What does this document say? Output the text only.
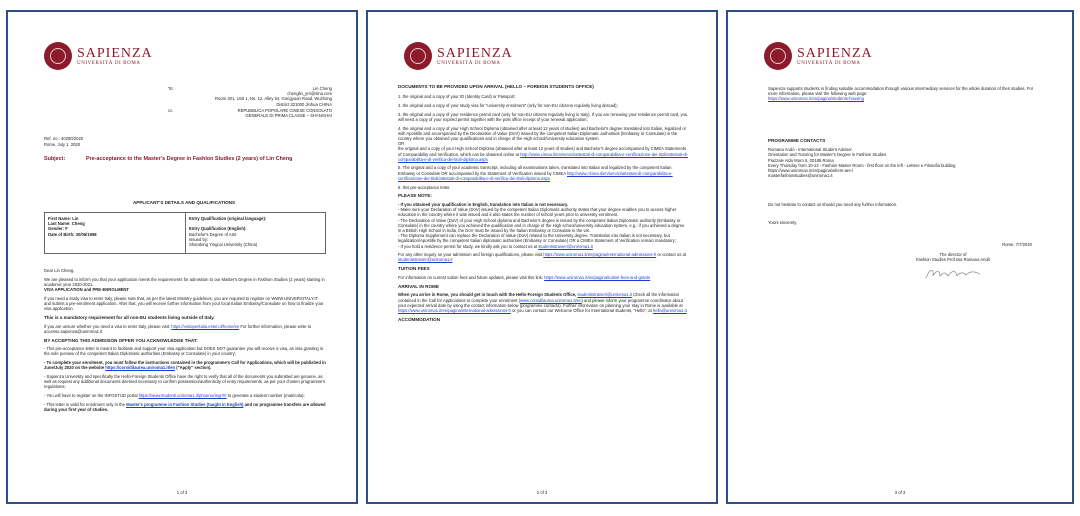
SAPIENZA
UNIVERSITÀ DI ROMA
To:	Lin Cheng
chenglin_yrn@sina.com
Room 401, Unit 1, No. 12, Alley 54, Gongyuan Road, Wuzhong
District 321000 Jinhua CHINA
cc.	REPUBBLICA POPOLARE CINESE CONSOLATO
GENERALE DI PRIMA CLASSE – SHANGHAI
Ref. no.: 40290/2020
Rome, July 1, 2020
Subject:	Pre-acceptance to the Master's Degree in Fashion Studies (2 years) of Lin Cheng
APPLICANT'S DETAILS AND QUALIFICATIONS
First Name: Lin
Last Name: Cheng
Gender: F
Date of Birth: 30/05/1998
Entry Qualification (original language):

Entry Qualification (English):
Bachelor's Degree of Arts
Issued by:
Shandong Yingcai University (China)

Dear Lin Cheng,

We are pleased to inform you that your application meets the requirements for admission to our Master's Degree in Fashion Studies (2 years) starting in academic year 2020-2021.

VISA APPLICATION and PRE-ENROLMENT

If you need a study visa to enter Italy, please note that, as per the latest Ministry guidelines, you are required to register on WWW.UNIVERSITALY.IT and submit a pre-enrolment application. After that, you will receive further information from your local Italian Embassy/Consulate on how to finalize your visa application.

This is a mandatory requirement for all non-EU students living outside of Italy.

If you are unsure whether you need a visa to enter Italy, please visit: https://vistoperitalia.esteri.it/home/en For further information, please write to accesso.sapienza@uniroma1.it

BY ACCEPTING THIS ADMISSION OFFER YOU ACKNOWLEDGE THAT:

- This pre-acceptance letter is meant to facilitate and support your visa application but DOES NOT guarantee you will receive a visa, as visa granting is the sole purview of the competent Italian Diplomatic authorities (Embassy or Consulate) in your country;

- To complete your enrolment, you must follow the instructions contained in the programme's Call for Applications, which will be published in June/July 2020 on the website https://corsidilaurea.uniroma1.it/en ("Apply" section).

- Sapienza University and specifically the Hello-Foreign Students Office have the right to verify that all of the documents you submitted are genuine, as well as request any additional documents deemed necessary to confirm possession/authenticity of entry requirements, as per your chosen programme's regulations;

- You will have to register on the INFOSTUD portal https://www.studenti.uniroma1.it/phoenix/ingr/#/ to generate a student number (matricola);

- This letter is valid for enrolment only in the Master's programme in Fashion Studies (taught in English) and no programme transfers are allowed during your first year of studies.

1 of 3
SAPIENZA
UNIVERSITÀ DI ROMA

DOCUMENTS TO BE PROVIDED UPON ARRIVAL (HELLO – FOREIGN STUDENTS OFFICE)

1. the original and a copy of your ID (Identity Card) or Passport;

2. the original and a copy of your study visa for "university enrolment" (only for non-EU citizens regularly living abroad);

3. the original and a copy of your residence permit card (only for non-EU citizens regularly living in Italy). If you are renewing your residence permit card, you will need a copy of your expired permit together with the post office receipt of your renewal application;

4. the original and a copy of your High School Diploma (obtained after at least 12 years of studies) and Bachelor's degree translated into Italian, legalized or with Apostille and accompanied by the Declaration of Value (DoV) issued by the competent Italian Diplomatic authorities (Embassy or Consulate) in the country where you obtained your qualifications and in charge of the High school/University education system

OR

the original and a copy of your High School Diploma (obtained after at least 12 years of studies) and Bachelor's degree accompanied by CIMEA Statements of Comparability and Verification, which can be obtained online at http://www.cimea.it/en/servizi/attestati-di-comparabilita-e-certificazione-dei-titoli/attestati-di-comparabilita-e-di-verifica-dei-titoli-diploma.aspx

5. The original and a copy of your academic transcript, including all examinations taken, translated into Italian and legalized by the competent Italian Embassy or Consulate OR accompanied by the Statement of Verification issued by CIMEA http://www.cimea.it/en/servizi/attestati-di-comparabilita-e-certificazione-dei-titoli/attestati-di-comparabilita-e-di-verifica-dei-titoli-diploma.aspx

6. this pre-acceptance letter.

PLEASE NOTE:

- If you obtained your qualification in English, translation into Italian is not necessary.

- Make sure your Declaration of Value (DoV) issued by the competent Italian Diplomatic authority states that your degree enables you to access higher education in the country where it was issued and it also states the number of school years prior to university enrolment.

- The Declaration of Value (DoV) of your High School diploma and Bachelor's degree is issued by the competent Italian Diplomatic authority (Embassy or Consulate) in the country where you achieved the qualification and in charge of the High school/university education system, e.g.: if you achieved a degree in a British High School in India, the DoV must be issued by the Italian Embassy or Consulate in the UK.

- The Diploma Supplement can replace the Declaration of Value (DoV) related to the University degree. Translation into Italian is not necessary, but legalization/Apostille by the competent Italian diplomatic authorities (Embassy or Consulate) OR a CIMEA Statement of Verification remain mandatory;

- If you hold a residence permit for study, we kindly ask you to contact us at studentistranieri@uniroma1.it

For any other inquiry on your admission and foreign qualifications, please visit https://www.uniroma1.it/en/pagina/international-admissions-0 or contact us at studentistranieri@uniroma1.it

TUITION FEES

For information on current tuition fees and future updates, please visit this link: https://www.uniroma1.it/en/pagina/tuition-fees-and-grants

ARRIVAL IN ROME

When you arrive in Rome, you should get in touch with the Hello-Foreign Students Office, studentistranieri@uniroma1.it Check all the information contained in the Call for Applications to complete your enrolment (www.corsidilaurea.uniroma1.it/en) and please inform your programme coordinator about your expected arrival date by using the contact information below (programme contacts). Further information on planning your stay in Rome is available at https://www.uniroma1.it/en/pagina/international-admissions-0 or you can contact our Welcome Office for international students, "Hello", at hello@uniroma1.it

ACCOMMODATION

2 of 3
SAPIENZA
UNIVERSITÀ DI ROMA

Sapienza supports students in finding suitable accommodation through various intermediary services for the whole duration of their studies. For more information, please visit the following web page:

https://www.uniroma1.it/en/pagina/students-housing

PROGRAMME CONTACTS

Romana Andò - International Student Advisor
Orientation and Tutoring for Master's Degree in Fashion Studies
Piazzale Aldo Moro 5, 00185 Roma
Every Thursday from 10-12 - Fashion Master Room - first floor on the left - Lettere e Filosofia building
https://www.uniroma1.it/en/pagina/where-are-i
masterfashionstudies@uniroma1.it
Do not hesitate to contact us should you need any further information.
Yours sincerely,
Rome, 7/7/2020
The director of
Fashion Studies Prof.ssa Romana Andò
3 of 3
